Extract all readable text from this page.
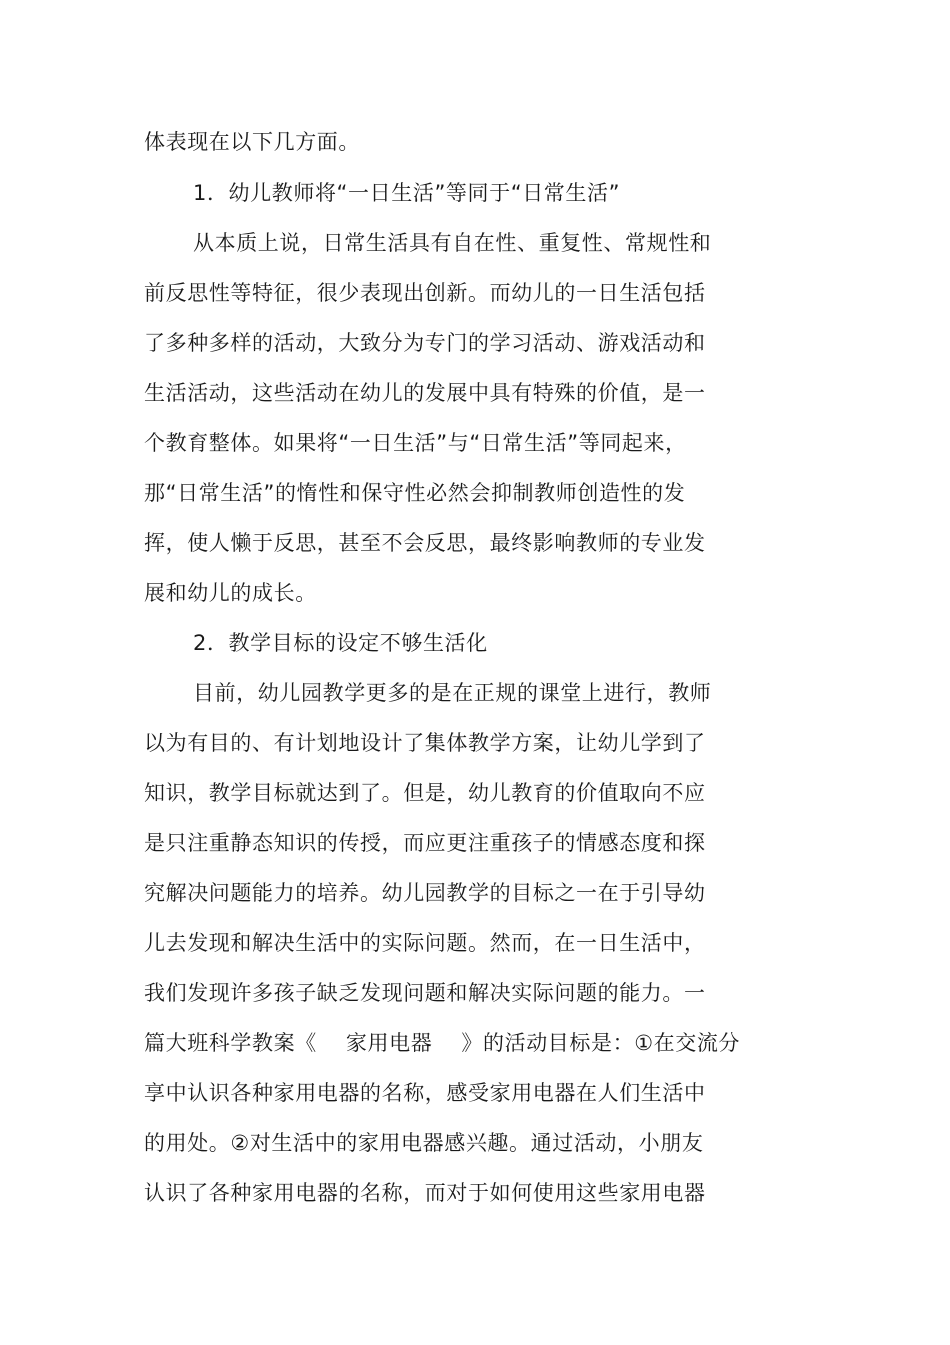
体表现在以下几方面。
1．幼儿教师将“一日生活”等同于“日常生活”
从本质上说，日常生活具有自在性、重复性、常规性和
前反思性等特征，很少表现出创新。而幼儿的一日生活包括
了多种多样的活动，大致分为专门的学习活动、游戏活动和
生活活动，这些活动在幼儿的发展中具有特殊的价值，是一
个教育整体。如果将“一日生活”与“日常生活”等同起来，
那“日常生活”的惰性和保守性必然会抑制教师创造性的发
挥，使人懒于反思，甚至不会反思，最终影响教师的专业发
展和幼儿的成长。
2．教学目标的设定不够生活化
目前，幼儿园教学更多的是在正规的课堂上进行，教师
以为有目的、有计划地设计了集体教学方案，让幼儿学到了
知识，教学目标就达到了。但是，幼儿教育的价值取向不应
是只注重静态知识的传授，而应更注重孩子的情感态度和探
究解决问题能力的培养。幼儿园教学的目标之一在于引导幼
儿去发现和解决生活中的实际问题。然而，在一日生活中，
我们发现许多孩子缺乏发现问题和解决实际问题的能力。一
篇大班科学教案《    家用电器    》的活动目标是：①在交流分
享中认识各种家用电器的名称，感受家用电器在人们生活中
的用处。②对生活中的家用电器感兴趣。通过活动，小朋友
认识了各种家用电器的名称，而对于如何使用这些家用电器
